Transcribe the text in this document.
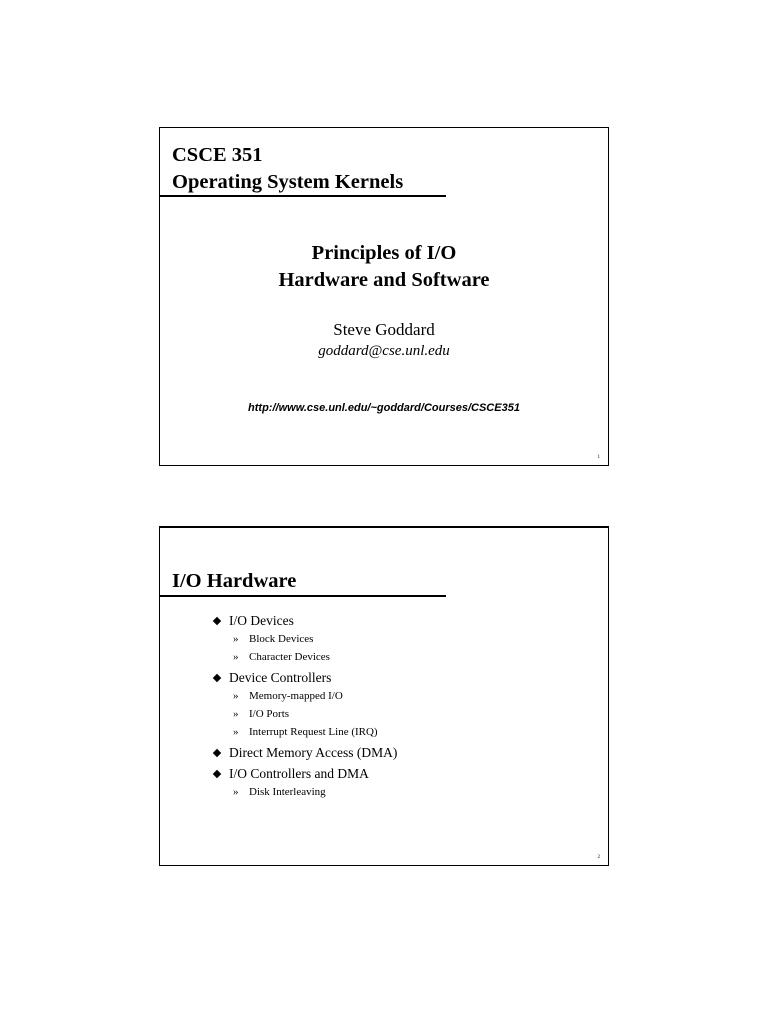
CSCE 351
Operating System Kernels
Principles of I/O
Hardware and Software
Steve Goddard
goddard@cse.unl.edu
http://www.cse.unl.edu/~goddard/Courses/CSCE351
1
I/O Hardware
I/O Devices
» Block Devices
» Character Devices
Device Controllers
» Memory-mapped I/O
» I/O Ports
» Interrupt Request Line (IRQ)
Direct Memory Access (DMA)
I/O Controllers and DMA
» Disk Interleaving
2
